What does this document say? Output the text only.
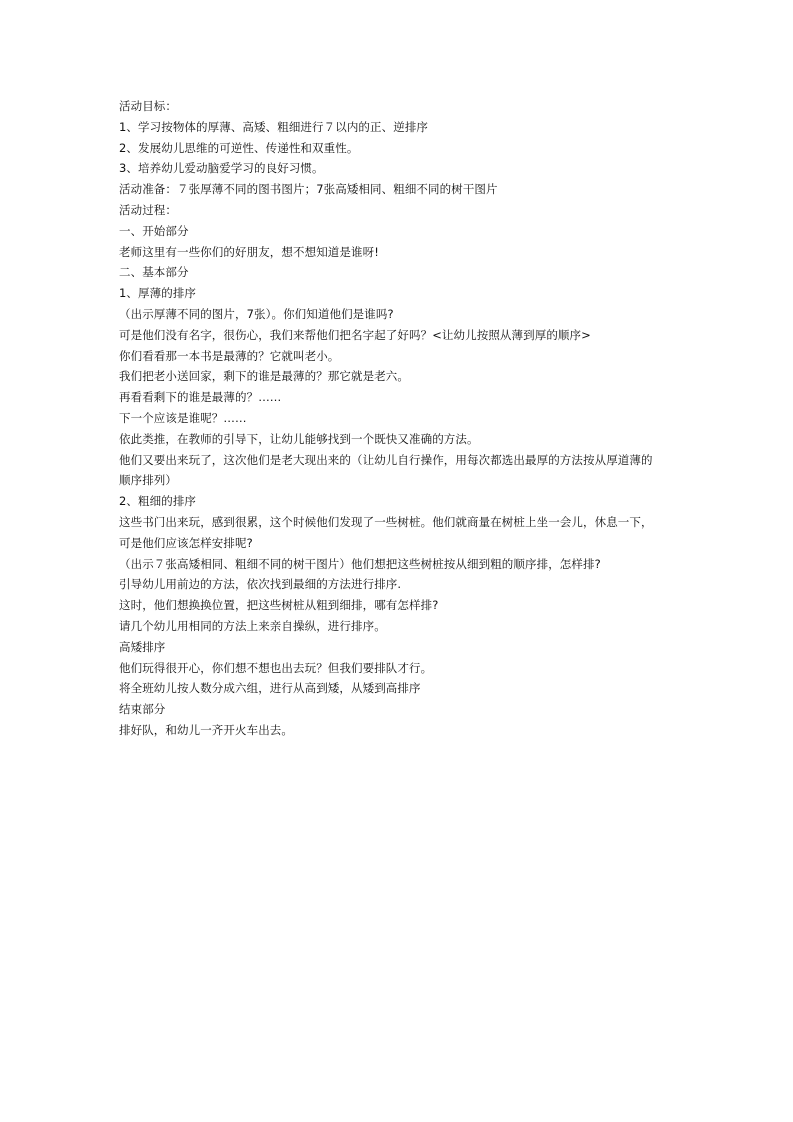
活动目标：
1、学习按物体的厚薄、高矮、粗细进行７以内的正、逆排序
2、发展幼儿思维的可逆性、传递性和双重性。
3、培养幼儿爱动脑爱学习的良好习惯。
活动准备：７张厚薄不同的图书图片；7张高矮相同、粗细不同的树干图片
活动过程：
一、开始部分
老师这里有一些你们的好朋友，想不想知道是谁呀!
二、基本部分
1、厚薄的排序
（出示厚薄不同的图片，7张）。你们知道他们是谁吗?
可是他们没有名字，很伤心，我们来帮他们把名字起了好吗？<让幼儿按照从薄到厚的顺序>
你们看看那一本书是最薄的？它就叫老小。
我们把老小送回家，剩下的谁是最薄的？那它就是老六。
再看看剩下的谁是最薄的？……
下一个应该是谁呢？……
依此类推，在教师的引导下，让幼儿能够找到一个既快又准确的方法。
他们又要出来玩了，这次他们是老大现出来的（让幼儿自行操作，用每次都选出最厚的方法按从厚道薄的
顺序排列）
2、粗细的排序
这些书门出来玩，感到很累，这个时候他们发现了一些树桩。他们就商量在树桩上坐一会儿，休息一下，
可是他们应该怎样安排呢?
（出示７张高矮相同、粗细不同的树干图片）他们想把这些树桩按从细到粗的顺序排，怎样排?
引导幼儿用前边的方法，依次找到最细的方法进行排序.
这时，他们想换换位置，把这些树桩从粗到细排，哪有怎样排?
请几个幼儿用相同的方法上来亲自操纵，进行排序。
高矮排序
他们玩得很开心，你们想不想也出去玩？但我们要排队才行。
将全班幼儿按人数分成六组，进行从高到矮，从矮到高排序
结束部分
排好队，和幼儿一齐开火车出去。
